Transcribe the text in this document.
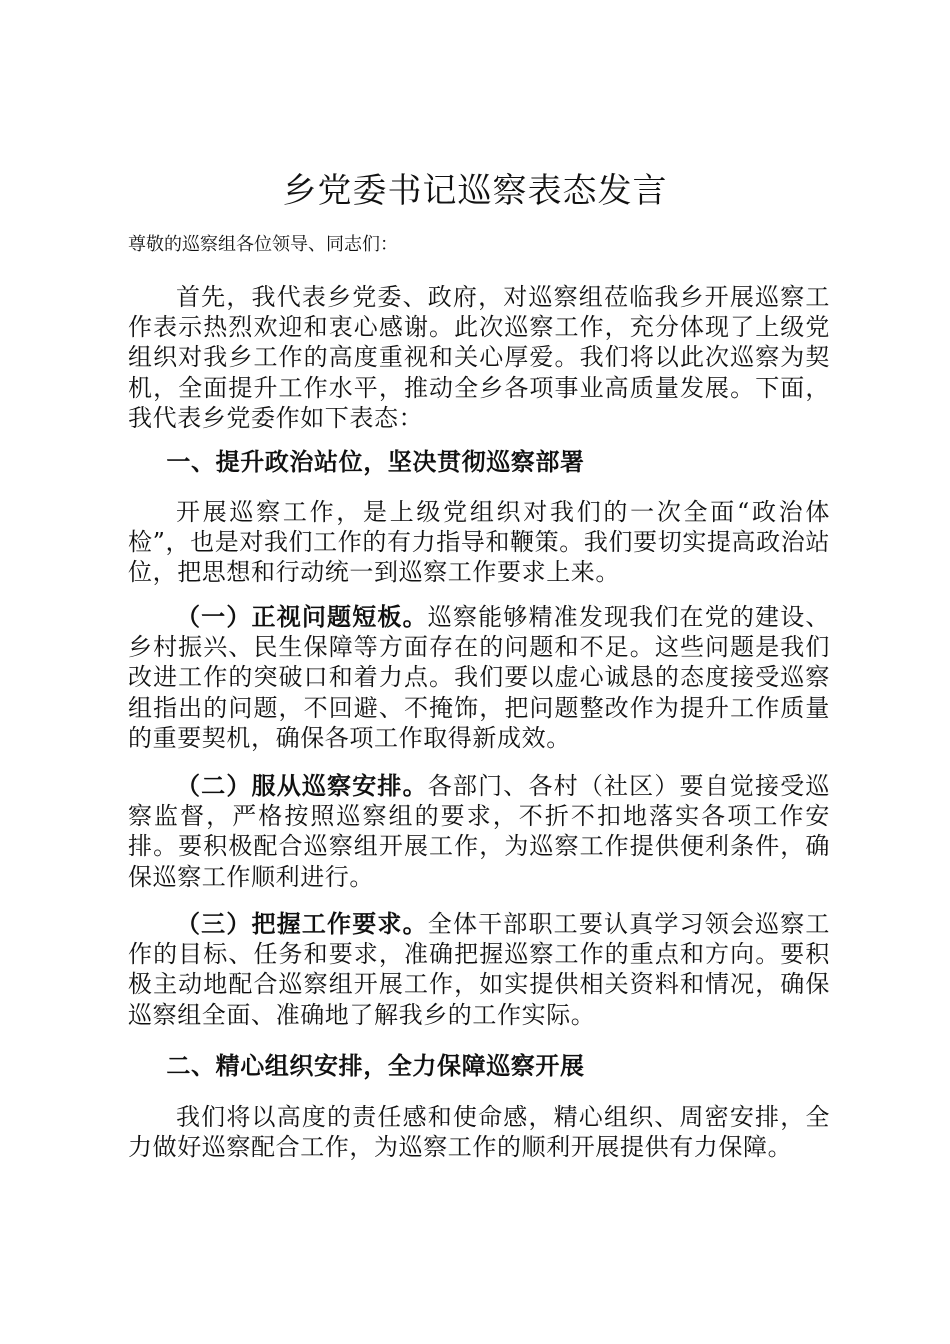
乡党委书记巡察表态发言

尊敬的巡察组各位领导、同志们：

首先，我代表乡党委、政府，对巡察组莅临我乡开展巡察工作表示热烈欢迎和衷心感谢。此次巡察工作，充分体现了上级党组织对我乡工作的高度重视和关心厚爱。我们将以此次巡察为契机，全面提升工作水平，推动全乡各项事业高质量发展。下面，我代表乡党委作如下表态：

一、提升政治站位，坚决贯彻巡察部署

开展巡察工作，是上级党组织对我们的一次全面“政治体检”，也是对我们工作的有力指导和鞭策。我们要切实提高政治站位，把思想和行动统一到巡察工作要求上来。

（一）正视问题短板。巡察能够精准发现我们在党的建设、乡村振兴、民生保障等方面存在的问题和不足。这些问题是我们改进工作的突破口和着力点。我们要以虚心诚恳的态度接受巡察组指出的问题，不回避、不掩饰，把问题整改作为提升工作质量的重要契机，确保各项工作取得新成效。

（二）服从巡察安排。各部门、各村（社区）要自觉接受巡察监督，严格按照巡察组的要求，不折不扣地落实各项工作安排。要积极配合巡察组开展工作，为巡察工作提供便利条件，确保巡察工作顺利进行。

（三）把握工作要求。全体干部职工要认真学习领会巡察工作的目标、任务和要求，准确把握巡察工作的重点和方向。要积极主动地配合巡察组开展工作，如实提供相关资料和情况，确保巡察组全面、准确地了解我乡的工作实际。

二、精心组织安排，全力保障巡察开展

我们将以高度的责任感和使命感，精心组织、周密安排，全力做好巡察配合工作，为巡察工作的顺利开展提供有力保障。
